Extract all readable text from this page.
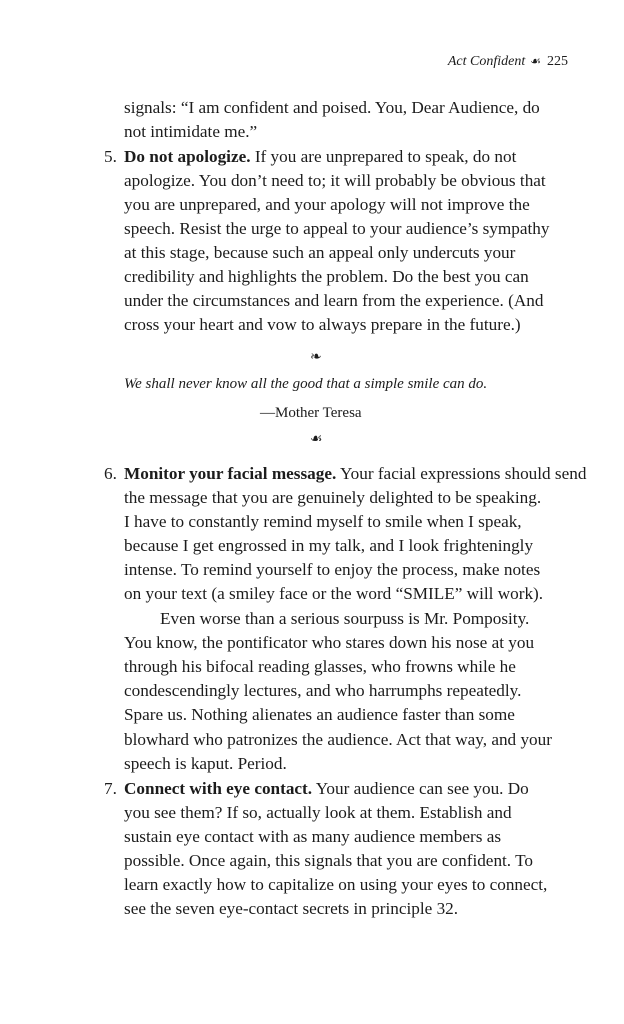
Act Confident ☙ 225
signals: “I am confident and poised. You, Dear Audience, do
not intimidate me.”
5. Do not apologize. If you are unprepared to speak, do not
apologize. You don’t need to; it will probably be obvious that
you are unprepared, and your apology will not improve the
speech. Resist the urge to appeal to your audience’s sympathy
at this stage, because such an appeal only undercuts your
credibility and highlights the problem. Do the best you can
under the circumstances and learn from the experience. (And
cross your heart and vow to always prepare in the future.)
❧
We shall never know all the good that a simple smile can do.
—Mother Teresa
☙
6. Monitor your facial message. Your facial expressions should send
the message that you are genuinely delighted to be speaking.
I have to constantly remind myself to smile when I speak,
because I get engrossed in my talk, and I look frighteningly
intense. To remind yourself to enjoy the process, make notes
on your text (a smiley face or the word “SMILE” will work).
Even worse than a serious sourpuss is Mr. Pomposity.
You know, the pontificator who stares down his nose at you
through his bifocal reading glasses, who frowns while he
condescendingly lectures, and who harrumphs repeatedly.
Spare us. Nothing alienates an audience faster than some
blowhard who patronizes the audience. Act that way, and your
speech is kaput. Period.
7. Connect with eye contact. Your audience can see you. Do
you see them? If so, actually look at them. Establish and
sustain eye contact with as many audience members as
possible. Once again, this signals that you are confident. To
learn exactly how to capitalize on using your eyes to connect,
see the seven eye-contact secrets in principle 32.
